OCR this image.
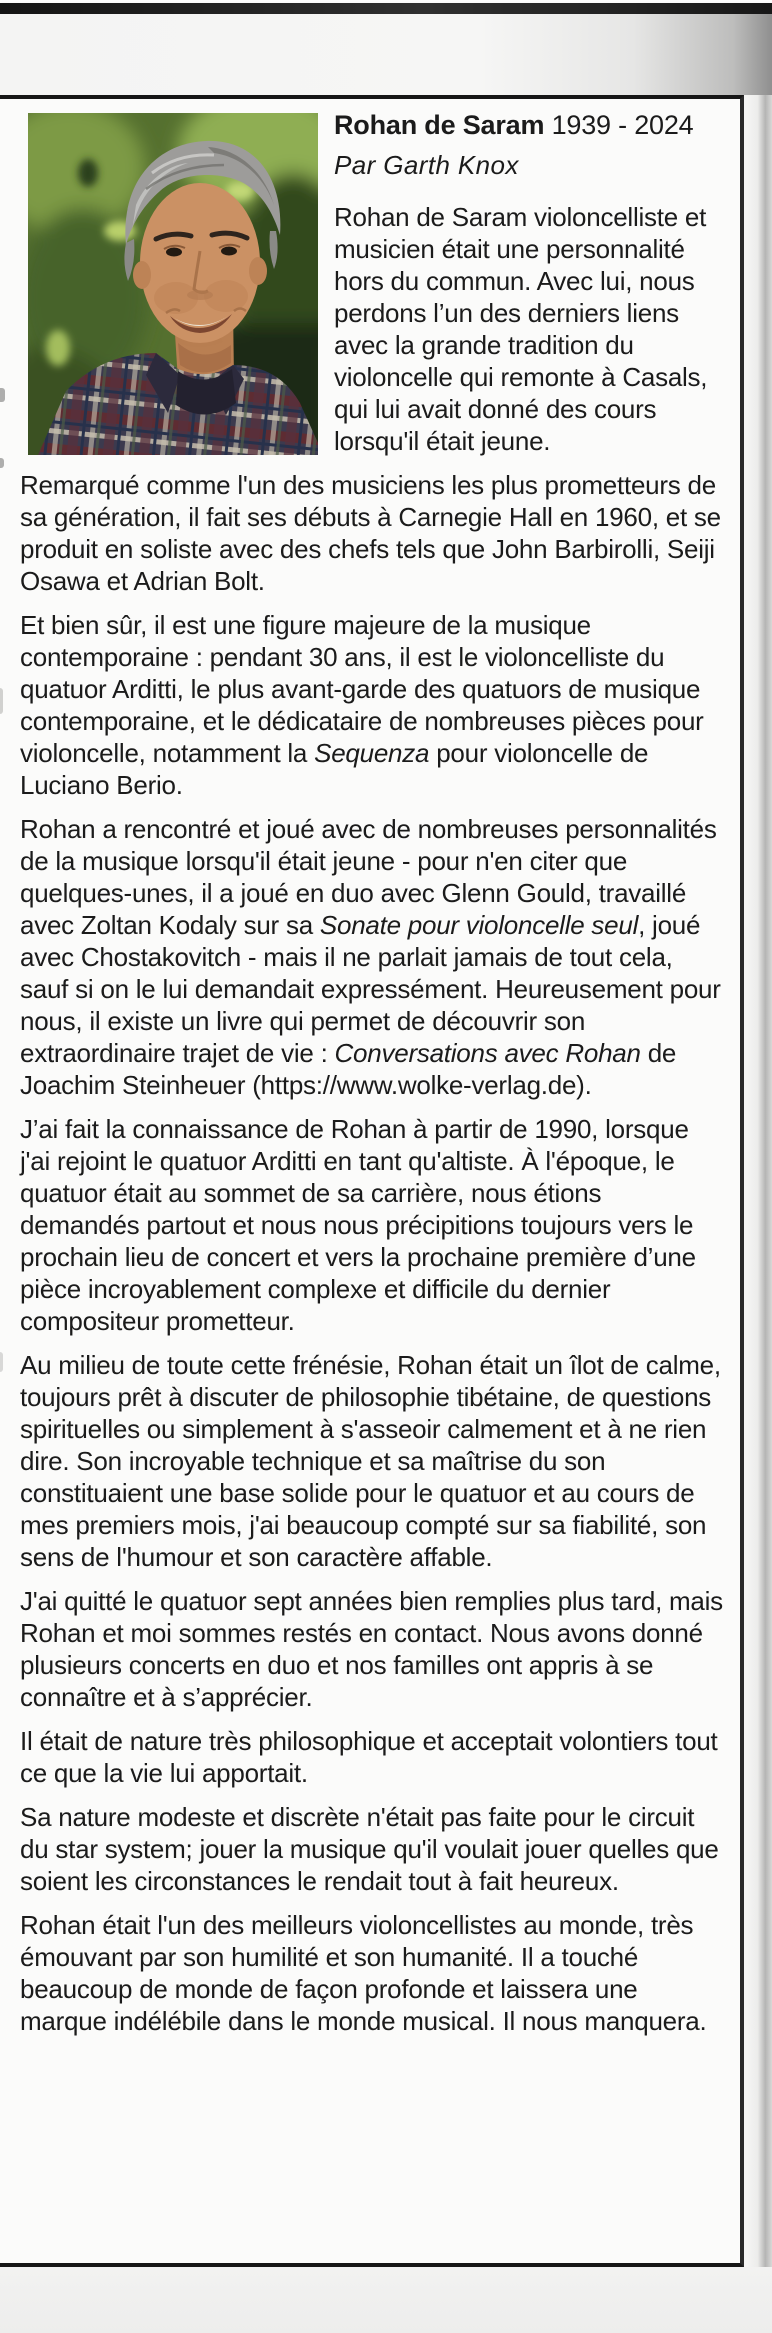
Rohan de Saram 1939 - 2024
Par Garth Knox

Rohan de Saram violoncelliste et musicien était une personnalité hors du commun. Avec lui, nous perdons l’un des derniers liens avec la grande tradition du violoncelle qui remonte à Casals, qui lui avait donné des cours lorsqu'il était jeune.

Remarqué comme l'un des musiciens les plus prometteurs de sa génération, il fait ses débuts à Carnegie Hall en 1960, et se produit en soliste avec des chefs tels que John Barbirolli, Seiji Osawa et Adrian Bolt.

Et bien sûr, il est une figure majeure de la musique contemporaine : pendant 30 ans, il est le violoncelliste du quatuor Arditti, le plus avant-garde des quatuors de musique contemporaine, et le dédicataire de nombreuses pièces pour violoncelle, notamment la Sequenza pour violoncelle de Luciano Berio.

Rohan a rencontré et joué avec de nombreuses personnalités de la musique lorsqu'il était jeune - pour n'en citer que quelques-unes, il a joué en duo avec Glenn Gould, travaillé avec Zoltan Kodaly sur sa Sonate pour violoncelle seul, joué avec Chostakovitch - mais il ne parlait jamais de tout cela, sauf si on le lui demandait expressément. Heureusement pour nous, il existe un livre qui permet de découvrir son extraordinaire trajet de vie : Conversations avec Rohan de Joachim Steinheuer (https://www.wolke-verlag.de).

J’ai fait la connaissance de Rohan à partir de 1990, lorsque j'ai rejoint le quatuor Arditti en tant qu'altiste. À l'époque, le quatuor était au sommet de sa carrière, nous étions demandés partout et nous nous précipitions toujours vers le prochain lieu de concert et vers la prochaine première d’une pièce incroyablement complexe et difficile du dernier compositeur prometteur.

Au milieu de toute cette frénésie, Rohan était un îlot de calme, toujours prêt à discuter de philosophie tibétaine, de questions spirituelles ou simplement à s'asseoir calmement et à ne rien dire. Son incroyable technique et sa maîtrise du son constituaient une base solide pour le quatuor et au cours de mes premiers mois, j'ai beaucoup compté sur sa fiabilité, son sens de l'humour et son caractère affable.

J'ai quitté le quatuor sept années bien remplies plus tard, mais Rohan et moi sommes restés en contact. Nous avons donné plusieurs concerts en duo et nos familles ont appris à se connaître et à s’apprécier.

Il était de nature très philosophique et acceptait volontiers tout ce que la vie lui apportait.

Sa nature modeste et discrète n'était pas faite pour le circuit du star system; jouer la musique qu'il voulait jouer quelles que soient les circonstances le rendait tout à fait heureux.

Rohan était l'un des meilleurs violoncellistes au monde, très émouvant par son humilité et son humanité. Il a touché beaucoup de monde de façon profonde et laissera une marque indélébile dans le monde musical. Il nous manquera.
